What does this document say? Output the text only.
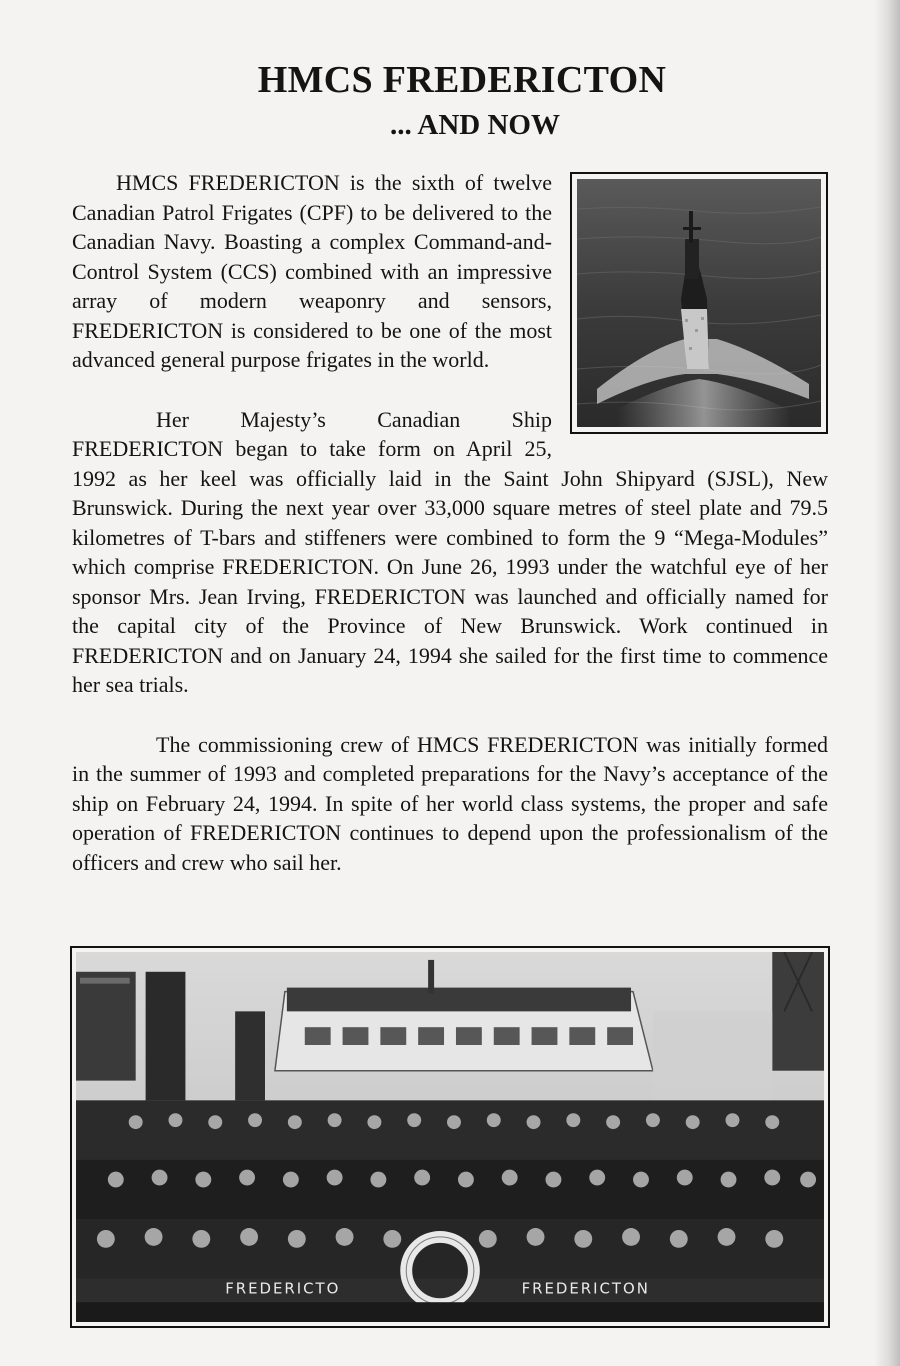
HMCS FREDERICTON
... AND NOW

HMCS FREDERICTON is the sixth of twelve Canadian Patrol Frigates (CPF) to be delivered to the Canadian Navy. Boasting a complex Command-and-Control System (CCS) combined with an impressive array of modern weaponry and sensors, FREDERICTON is considered to be one of the most advanced general purpose frigates in the world.

Her Majesty’s Canadian Ship FREDERICTON began to take form on April 25, 1992 as her keel was officially laid in the Saint John Shipyard (SJSL), New Brunswick. During the next year over 33,000 square metres of steel plate and 79.5 kilometres of T-bars and stiffeners were combined to form the 9 “Mega-Modules” which comprise FREDERICTON. On June 26, 1993 under the watchful eye of her sponsor Mrs. Jean Irving, FREDERICTON was launched and officially named for the capital city of the Province of New Brunswick. Work continued in FREDERICTON and on January 24, 1994 she sailed for the first time to commence her sea trials.

The commissioning crew of HMCS FREDERICTON was initially formed in the summer of 1993 and completed preparations for the Navy’s acceptance of the ship on February 24, 1994. In spite of her world class systems, the proper and safe operation of FREDERICTON continues to depend upon the professionalism of the officers and crew who sail her.

FREDERICTO	FREDERICTON
